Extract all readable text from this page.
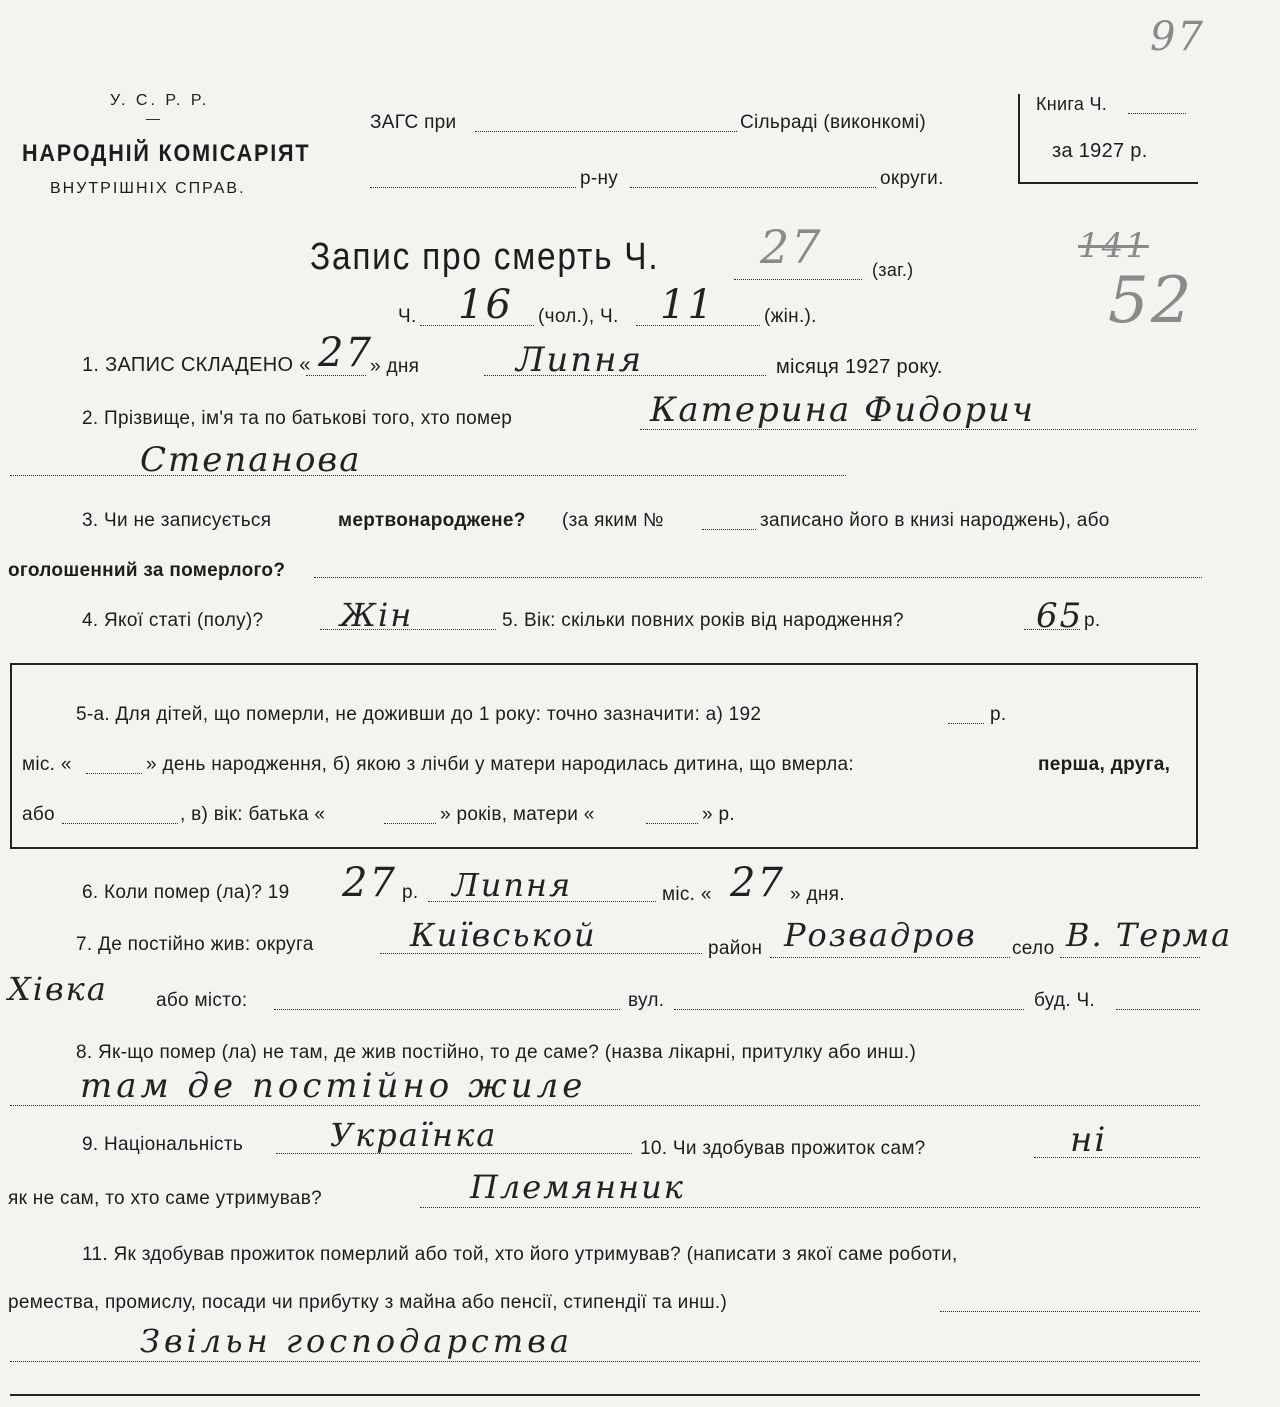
У. С. Р. Р.
—
НАРОДНІЙ КОМІСАРІЯТ
ВНУТРІШНІХ СПРАВ.
ЗАГС при	Сільраді (виконкомі)
р-ну	округи.
Книга Ч.
за 1927 р.
97
Запис про смерть Ч. 27	(заг.)
Ч. 16 (чол.), Ч. 11	(жін.).
141
52
1. ЗАПИС СКЛАДЕНО « 27
» дня	Липня	місяця 1927 року.
2. Прізвище, ім'я та по батькові того, хто помер	Катерина Фидорич
Степанова
3. Чи не записується	мертвонароджене? (за яким №	записано його в книзі народжень), або
оголошенний за померлого?
4. Якої статі (полу)? Жін	5. Вік: скільки повних років від народження?	65 р.
5-а. Для дітей, що померли, не доживши до 1 року: точно зазначити: а) 192	р.
міс. «	» день народження, б) якою з лічби у матери народилась дитина, що вмерла:	перша, друга,
або	, в) вік: батька «	» років, матери «	» р.
6. Коли помер (ла)? 19 27 р. Липня	міс. « 27 » дня.
7. Де постійно жив: округа	Київськой	район Розвадров село В. Терма
Хівка	або місто:	вул.	буд. Ч.
8. Як-що помер (ла) не там, де жив постійно, то де саме? (назва лікарні, притулку або инш.)
там де постійно жиле
9. Національність	Українка	10. Чи здобував прожиток сам?	ні
як не сам, то хто саме утримував?	Племянник
11. Як здобував прожиток померлий або той, хто його утримував? (написати з якої саме роботи,
ремества, промислу, посади чи прибутку з майна або пенсії, стипендії та инш.)
Звільн господарства
